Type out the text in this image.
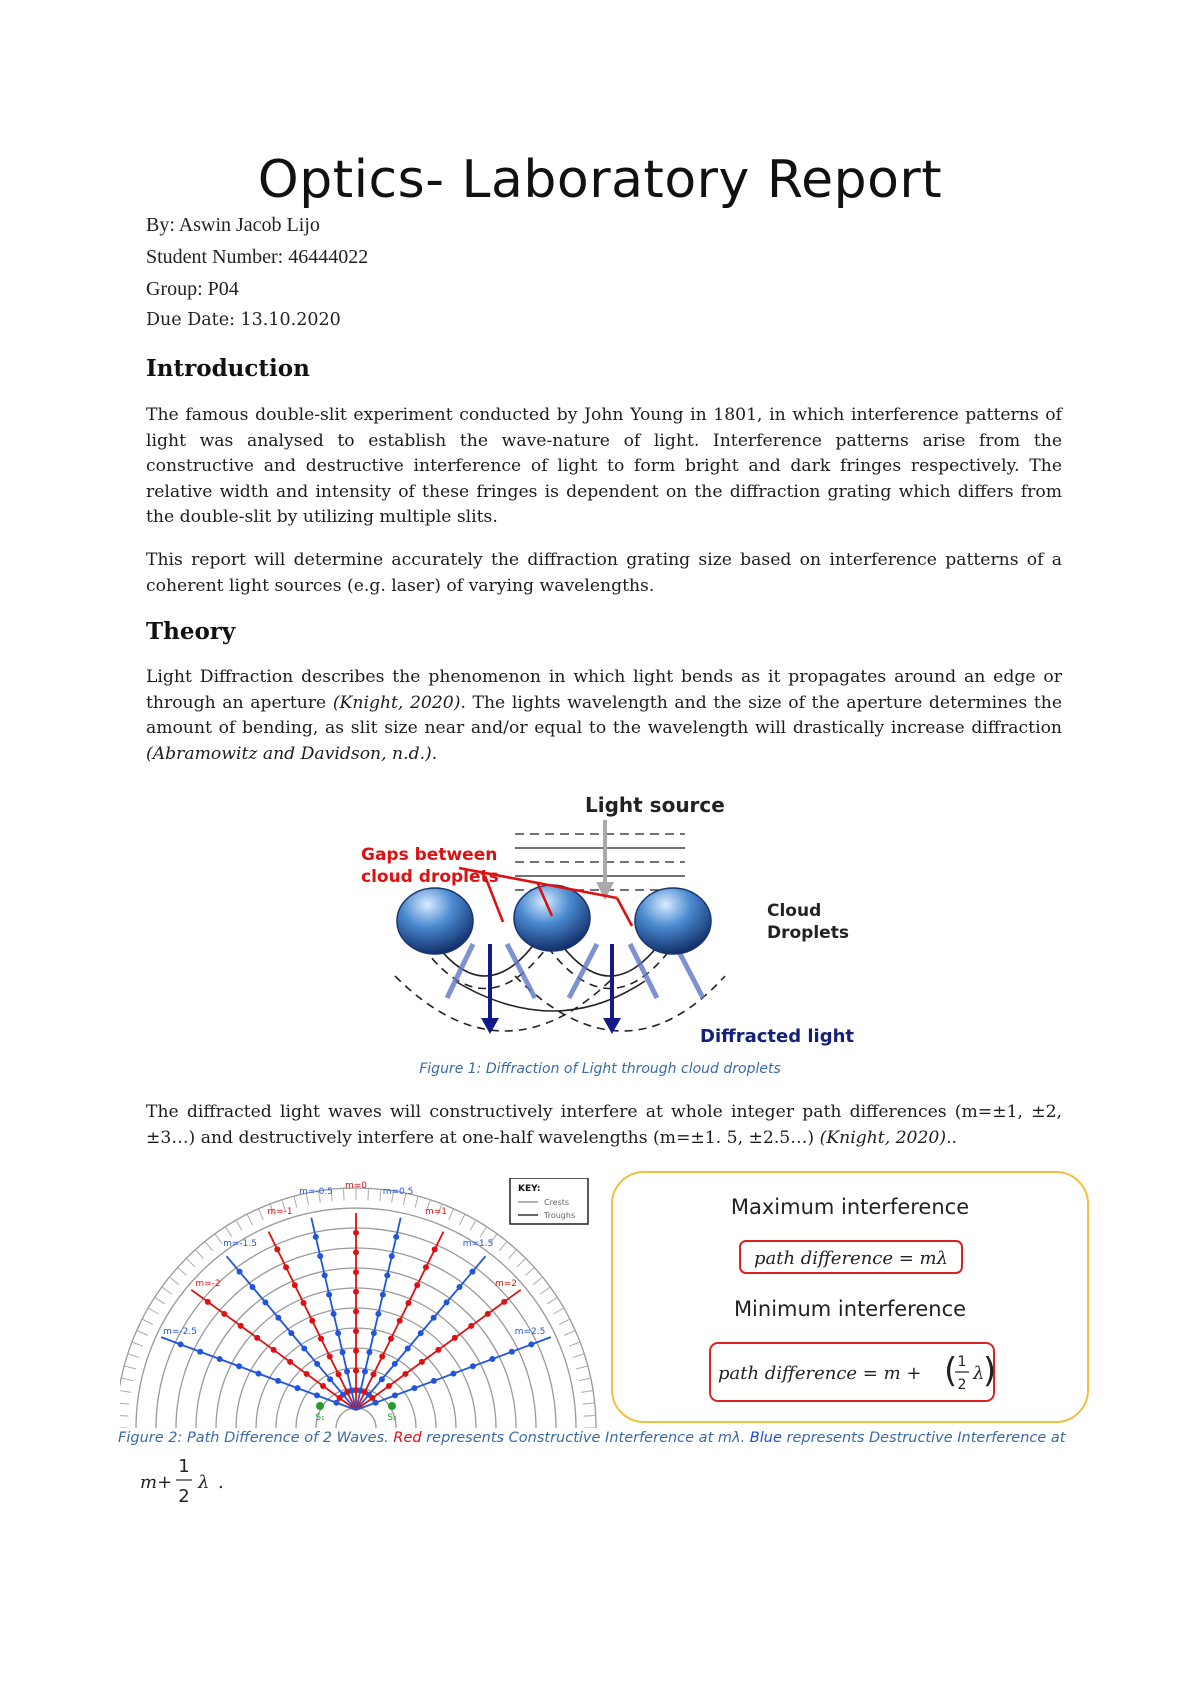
Optics- Laboratory Report
By: Aswin Jacob Lijo
Student Number: 46444022
Group: P04
Due Date: 13.10.2020
Introduction

The famous double-slit experiment conducted by John Young in 1801, in which interference patterns of light was analysed to establish the wave-nature of light. Interference patterns arise from the constructive and destructive interference of light to form bright and dark fringes respectively. The relative width and intensity of these fringes is dependent on the diffraction grating which differs from the double-slit by utilizing multiple slits.

This report will determine accurately the diffraction grating size based on interference patterns of a coherent light sources (e.g. laser) of varying wavelengths.

Theory

Light Diffraction describes the phenomenon in which light bends as it propagates around an edge or through an aperture (Knight, 2020). The lights wavelength and the size of the aperture determines the amount of bending, as slit size near and/or equal to the wavelength will drastically increase diffraction (Abramowitz and Davidson, n.d.).

Light source
Gaps between
cloud droplets
Cloud
Droplets
Diffracted light
Figure 1: Diffraction of Light through cloud droplets

The diffracted light waves will constructively interfere at whole integer path differences (m=±1, ±2, ±3…) and destructively interfere at one-half wavelengths (m=±1. 5, ±2.5…) (Knight, 2020)..

m=0
m=-0.5	m=0.5
m=-1	m=1
m=-1.5	m=1.5
m=-2	m=2
m=-2.5	m=2.5
S₁	S₂
KEY:
Crests
Troughs	Maximum interference
path difference = mλ
Minimum interference
path difference = m + ( 1
2
λ
)
Figure 2: Path Difference of 2 Waves. Red represents Constructive Interference at mλ. Blue represents Destructive Interference at
m+
1
2
λ .
